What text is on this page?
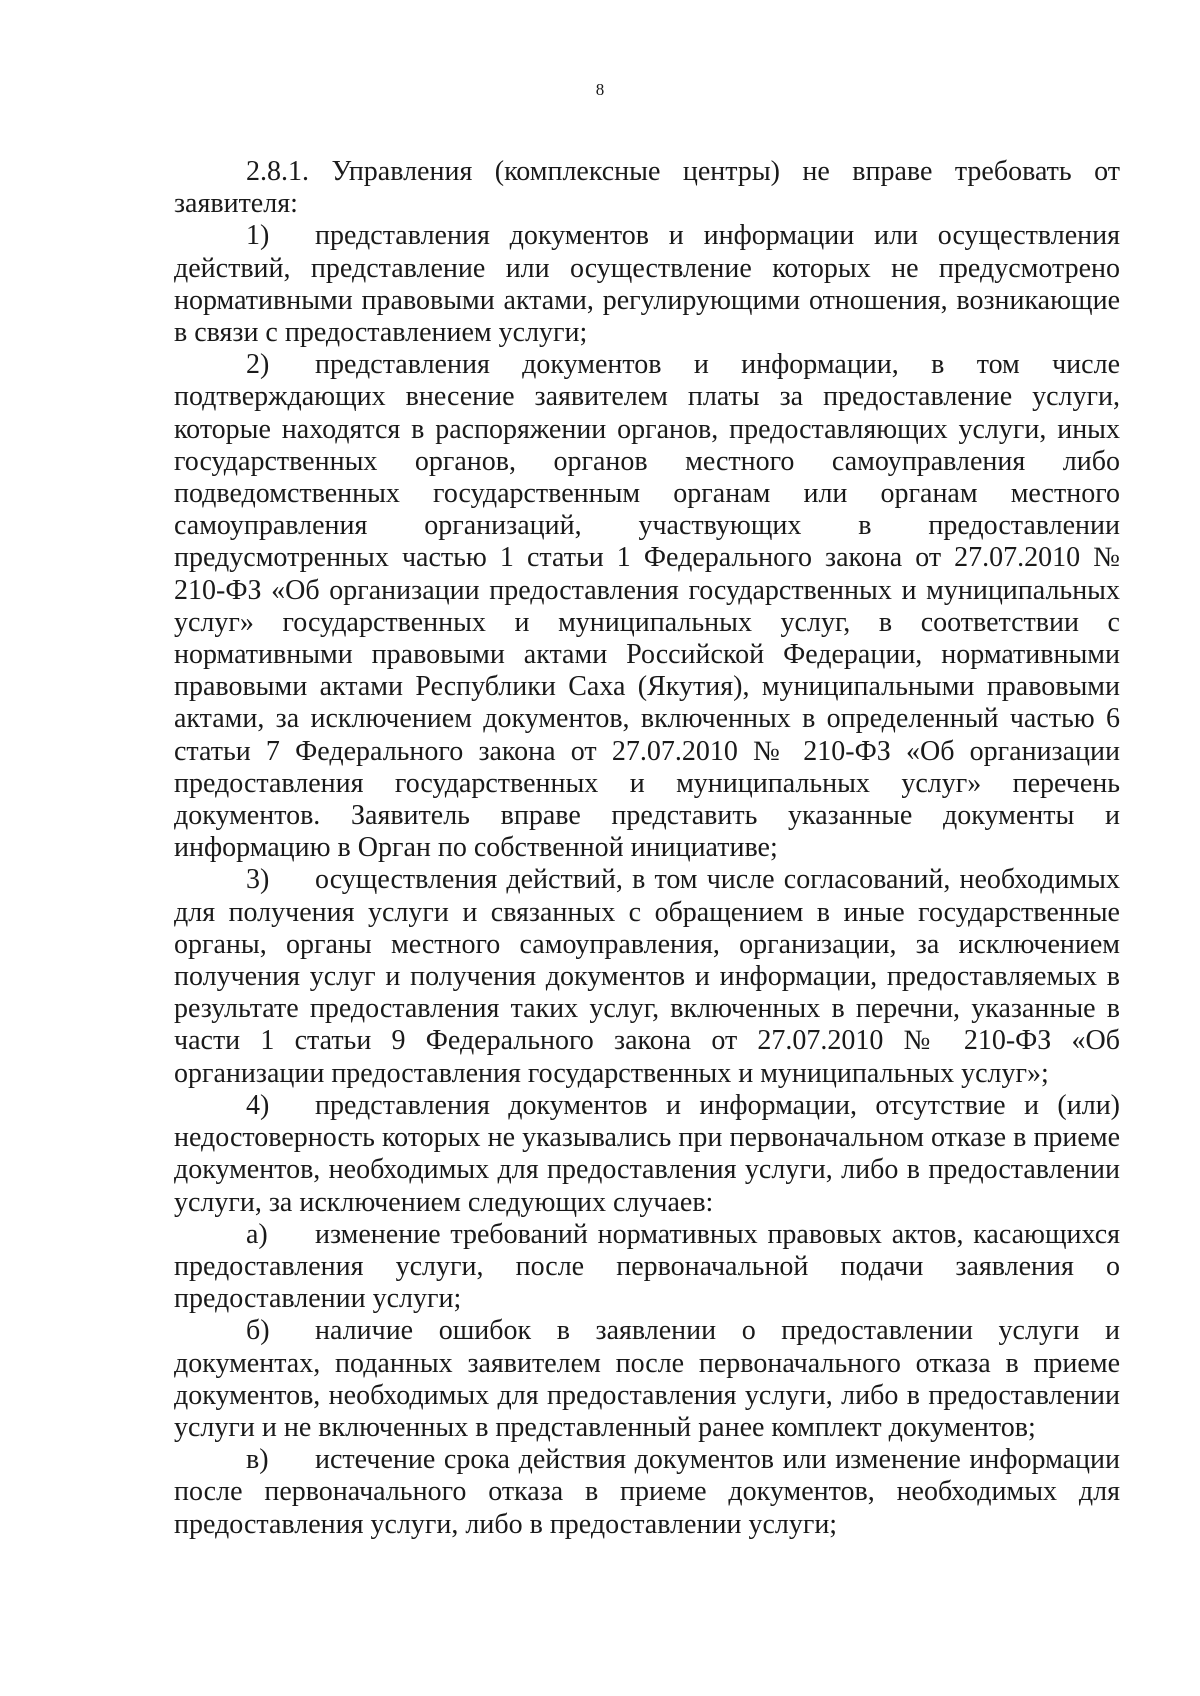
8

2.8.1. Управления (комплексные центры) не вправе требовать от заявителя:

1) представления документов и информации или осуществления действий, представление или осуществление которых не предусмотрено нормативными правовыми актами, регулирующими отношения, возникающие в связи с предоставлением услуги;

2) представления документов и информации, в том числе подтверждающих внесение заявителем платы за предоставление услуги, которые находятся в распоряжении органов, предоставляющих услуги, иных государственных органов, органов местного самоуправления либо подведомственных государственным органам или органам местного самоуправления организаций, участвующих в предоставлении предусмотренных частью 1 статьи 1 Федерального закона от 27.07.2010 № 210-ФЗ «Об организации предоставления государственных и муниципальных услуг» государственных и муниципальных услуг, в соответствии с нормативными правовыми актами Российской Федерации, нормативными правовыми актами Республики Саха (Якутия), муниципальными правовыми актами, за исключением документов, включенных в определенный частью 6 статьи 7 Федерального закона от 27.07.2010 № 210-ФЗ «Об организации предоставления государственных и муниципальных услуг» перечень документов. Заявитель вправе представить указанные документы и информацию в Орган по собственной инициативе;

3) осуществления действий, в том числе согласований, необходимых для получения услуги и связанных с обращением в иные государственные органы, органы местного самоуправления, организации, за исключением получения услуг и получения документов и информации, предоставляемых в результате предоставления таких услуг, включенных в перечни, указанные в части 1 статьи 9 Федерального закона от 27.07.2010 № 210-ФЗ «Об организации предоставления государственных и муниципальных услуг»;

4) представления документов и информации, отсутствие и (или) недостоверность которых не указывались при первоначальном отказе в приеме документов, необходимых для предоставления услуги, либо в предоставлении услуги, за исключением следующих случаев:

а) изменение требований нормативных правовых актов, касающихся предоставления услуги, после первоначальной подачи заявления о предоставлении услуги;

б) наличие ошибок в заявлении о предоставлении услуги и документах, поданных заявителем после первоначального отказа в приеме документов, необходимых для предоставления услуги, либо в предоставлении услуги и не включенных в представленный ранее комплект документов;

в) истечение срока действия документов или изменение информации после первоначального отказа в приеме документов, необходимых для предоставления услуги, либо в предоставлении услуги;
